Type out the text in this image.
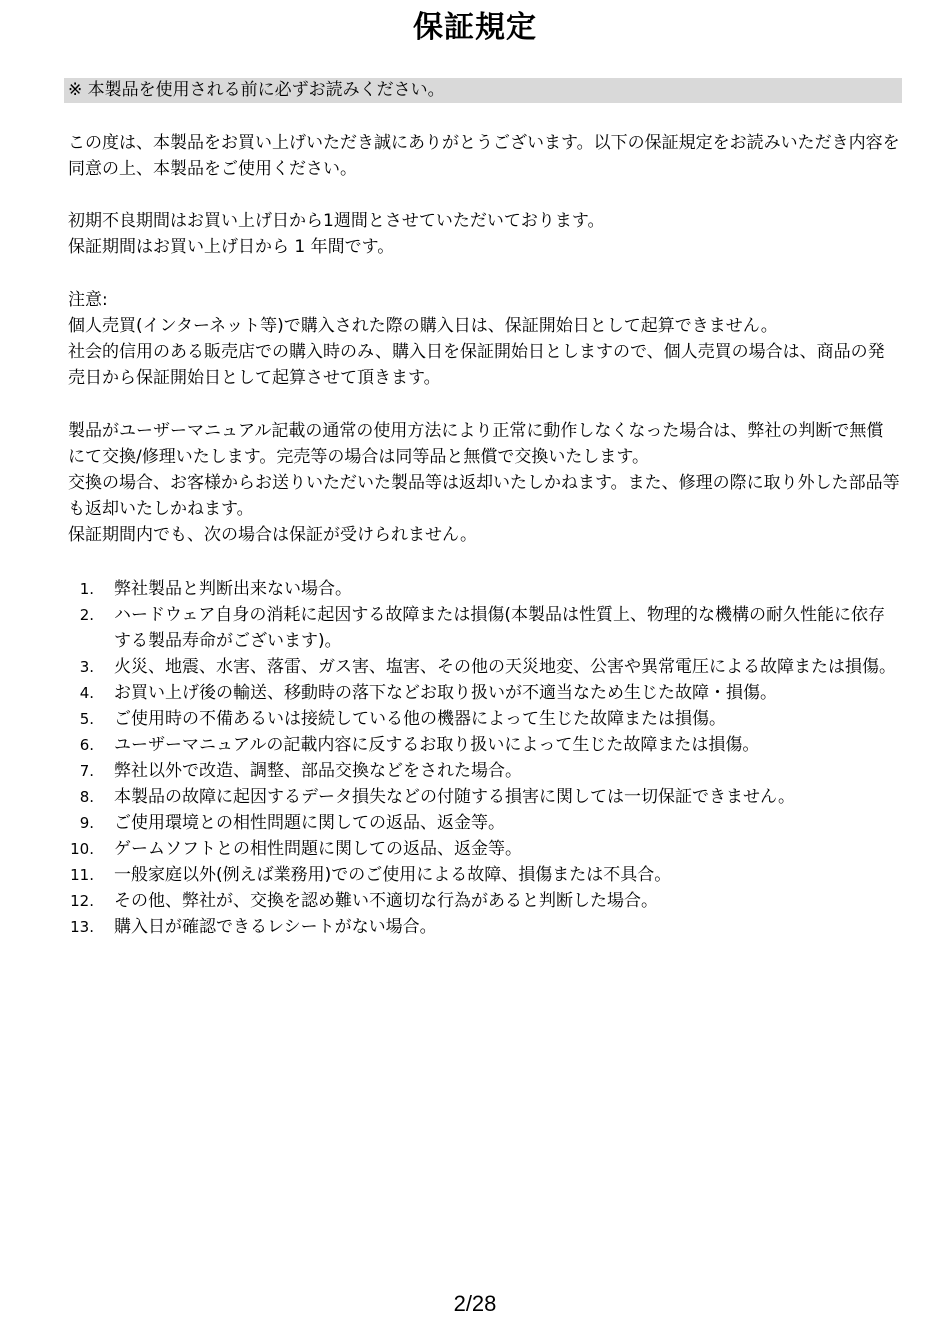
保証規定
※ 本製品を使用される前に必ずお読みください。

この度は、本製品をお買い上げいただき誠にありがとうございます。以下の保証規定をお読みいただき内容を同意の上、本製品をご使用ください。

初期不良期間はお買い上げ日から1週間とさせていただいております。

保証期間はお買い上げ日から 1 年間です。

注意:

個人売買(インターネット等)で購入された際の購入日は、保証開始日として起算できません。

社会的信用のある販売店での購入時のみ、購入日を保証開始日としますので、個人売買の場合は、商品の発売日から保証開始日として起算させて頂きます。

製品がユーザーマニュアル記載の通常の使用方法により正常に動作しなくなった場合は、弊社の判断で無償にて交換/修理いたします。完売等の場合は同等品と無償で交換いたします。

交換の場合、お客様からお送りいただいた製品等は返却いたしかねます。また、修理の際に取り外した部品等も返却いたしかねます。

保証期間内でも、次の場合は保証が受けられません。

1. 弊社製品と判断出来ない場合。
2. ハードウェア自身の消耗に起因する故障または損傷(本製品は性質上、物理的な機構の耐久性能に依存する製品寿命がございます)。
3. 火災、地震、水害、落雷、ガス害、塩害、その他の天災地変、公害や異常電圧による故障または損傷。
4. お買い上げ後の輸送、移動時の落下などお取り扱いが不適当なため生じた故障・損傷。
5. ご使用時の不備あるいは接続している他の機器によって生じた故障または損傷。
6. ユーザーマニュアルの記載内容に反するお取り扱いによって生じた故障または損傷。
7. 弊社以外で改造、調整、部品交換などをされた場合。
8. 本製品の故障に起因するデータ損失などの付随する損害に関しては一切保証できません。
9. ご使用環境との相性問題に関しての返品、返金等。
10. ゲームソフトとの相性問題に関しての返品、返金等。
11. 一般家庭以外(例えば業務用)でのご使用による故障、損傷または不具合。
12. その他、弊社が、交換を認め難い不適切な行為があると判断した場合。
13. 購入日が確認できるレシートがない場合。
2/28
